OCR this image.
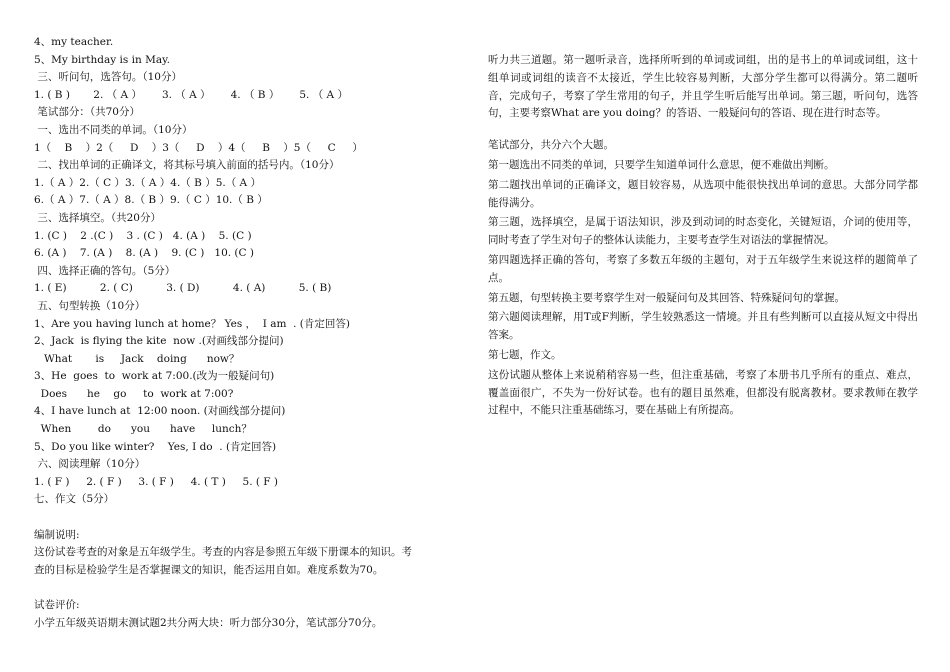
4、my teacher.
5、My birthday is in May.
三、听问句，选答句。（10分）
1. ( B )       2. （ A ）      3. （ A ）      4. （ B ）      5. （ A ）
笔试部分：（共70分）
一、选出不同类的单词。（10分）
1（    B    ）2（     D    ）3（     D    ）4（     B    ）5（     C     ）
二、找出单词的正确译文，将其标号填入前面的括号内。（10分）
1.（ A ）2.（ C ）3.（ A ）4.（ B ）5.（ A ）
6.（ A ）7.（ A ）8.（ B ）9.（ C ）10.（ B ）
三、选择填空。（共20分）
1. (C )    2 .(C )    3 . (C )   4. (A )    5. (C )
6. (A )    7. (A )    8. (A )    9. (C )   10. (C )
四、选择正确的答句。（5分）
1. ( E)          2. ( C)          3. ( D)          4. ( A)          5. ( B)
五、句型转换（10分）
1、Are you having lunch at home？ Yes ，  I am  . (肯定回答)
2、Jack  is flying the kite  now .(对画线部分提问)
What       is     Jack    doing      now？
3、He  goes  to  work at 7:00.(改为一般疑问句)
Does      he    go     to  work at 7:00?
4、I have lunch at  12:00 noon. (对画线部分提问)
When        do      you      have     lunch？
5、Do you like winter?    Yes, I do  . (肯定回答)
六、阅读理解（10分）
1. ( F )     2. ( F )     3. ( F )     4. ( T )     5. ( F )
七、作文（5分）
编制说明:
这份试卷考查的对象是五年级学生。考查的内容是参照五年级下册课本的知识。考
查的目标是检验学生是否掌握课文的知识，能否运用自如。难度系数为70。
试卷评价:
小学五年级英语期末测试题2共分两大块：听力部分30分，笔试部分70分。

听力共三道题。第一题听录音，选择所听到的单词或词组，出的是书上的单词或词组，这十组单词或词组的读音不太接近，学生比较容易判断，大部分学生都可以得满分。第二题听音，完成句子，考察了学生常用的句子，并且学生听后能写出单词。第三题，听问句，选答句，主要考察What are you doing？的答语、一般疑问句的答语、现在进行时态等。

笔试部分，共分六个大题。

第一题选出不同类的单词，只要学生知道单词什么意思，便不难做出判断。

第二题找出单词的正确译文，题目较容易，从选项中能很快找出单词的意思。大部分同学都能得满分。

第三题，选择填空，是属于语法知识，涉及到动词的时态变化，关键短语，介词的使用等，同时考查了学生对句子的整体认读能力，主要考查学生对语法的掌握情况。

第四题选择正确的答句，考察了多数五年级的主题句，对于五年级学生来说这样的题简单了点。

第五题，句型转换主要考察学生对一般疑问句及其回答、特殊疑问句的掌握。

第六题阅读理解，用T或F判断，学生较熟悉这一情境。并且有些判断可以直接从短文中得出答案。

第七题，作文。

这份试题从整体上来说稍稍容易一些，但注重基础，考察了本册书几乎所有的重点、难点，覆盖面很广，不失为一份好试卷。也有的题目虽然难，但都没有脱离教材。要求教师在教学过程中，不能只注重基础练习，要在基础上有所提高。
